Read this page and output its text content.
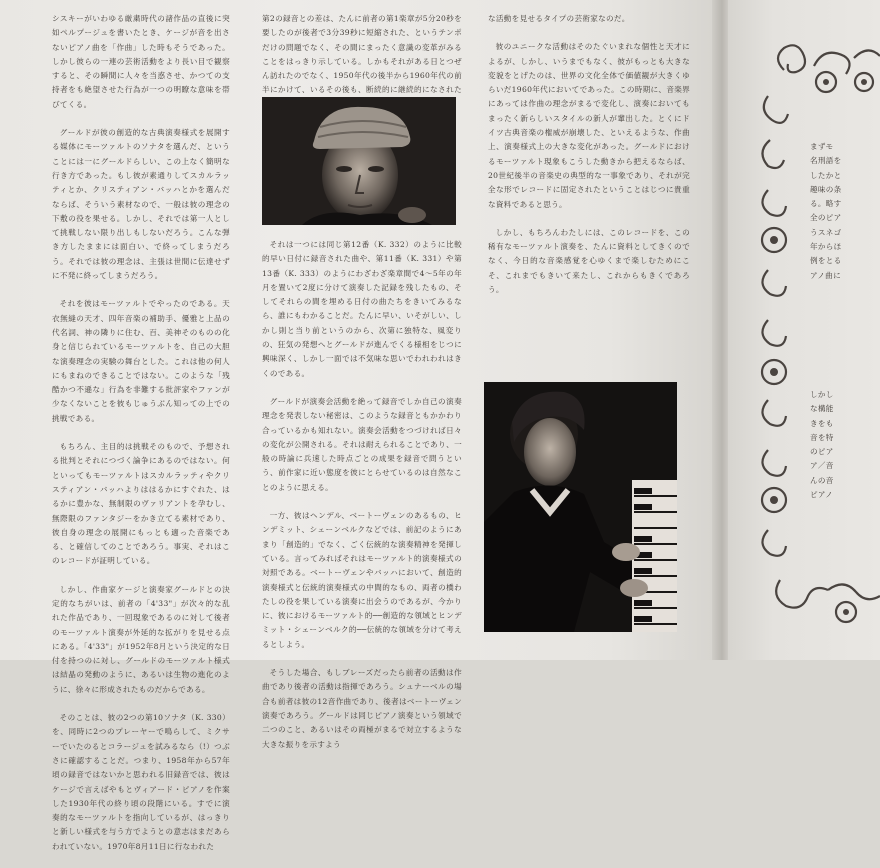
シスキーがいわゆる厳粛時代の諸作品の直後に突如ペルプージュを書いたとき、ケージが音を出さないピアノ曲を「作曲」した時もそうであった。しかし彼らの一連の芸術活動をより長い目で観察すると、その瞬間に人々を当惑させ、かつての支持者をも絶望させた行為が一つの明瞭な意味を帯びてくる。

グールドが彼の創造的な古典演奏様式を展開する媒体にモーツァルトのソナタを選んだ、ということには一にグールドらしい、この上なく簡明な行き方であった。もし彼が素通りしてスカルラッティとか、クリスティアン・バッハとかを選んだならば、そういう素材なので、一般は彼の理念の下敷の役を果せる。しかし、それでは第一人として挑戦しない限り出しもしないだろう。こんな弾き方したままには面白い、で終ってしまうだろう。それでは彼の理念は、主張は世間に伝達せずに不発に終ってしまうだろう。

それを彼はモーツァルトでやったのである。天衣無縫の天才、四年音楽の補助手、優雅と上品の代名詞、神の隣りに住む、百、美神そのものの化身と信じられているモーツァルトを、自己の大胆な演奏理念の実験の舞台とした。これは他の何人にもまねのできることではない。このような「残酷かつ不遜な」行為を非難する批評家やファンが少なくないことを彼もじゅうぶん知っての上での挑戦である。

もちろん、主目的は挑戦そのもので、予想される批判とそれにつづく論争にあるのではない。何といってもモーツァルトはスカルラッティやクリスティアン・バッハよりははるかにすぐれた、はるかに豊かな、無制限のヴァリアントを孕むし、無際限のファンタジーをかき立てる素材であり、彼自身の理念の展開にもっとも適った音楽である、と確信してのことであろう。事実、それはこのレコードが証明している。

しかし、作曲家ケージと演奏家グールドとの決定的なちがいは、前者の「4'33"」が次々的な乱れた作品であり、一回現象であるのに対して後者のモーツァルト演奏が外延的な拡がりを見せる点にある。「4'33"」が1952年8月という決定的な日付を持つのに対し、グールドのモーツァルト様式は結晶の発動のように、あるいは生物の進化のように、徐々に形成されたものだからである。

そのことは、彼の2つの第10ソナタ（K. 330）を、同時に2つのプレーヤーで鳴らして、ミクサーでいたのるとコラージュを試みるなら（!）つぶさに確認することだ。つまり、1958年から57年頃の録音ではないかと思われる旧録音では、彼はケージで言えばやもとヴィアード・ピアノを作案した1930年代の終り頃の段階にいる。すでに演奏的なモーツァルトを指向しているが、はっきりと新しい様式を与う方でようとの意志はまだあらわれていない。1970年8月11日に行なわれた

第2の録音との差は、たんに前者の第1楽章が5分20秒を要したのが後者で3分39秒に短縮された、というテンポだけの問題でなく、その間にまったく意識の変革がみることをはっきり示している。しかもそれがある日とつぜん訪れたのでなく、1950年代の後半から1960年代の前半にかけて、いるその後も、断続的に継続的になされた

それは一つには同じ第12番（K. 332）のように比較的早い日付に録音された曲や、第11番（K. 331）や第13番（K. 333）のようにわざわざ楽章間で4〜5年の年月を置いて2度に分けて演奏した記録を残したもの、そしてそれらの間を埋める日付の曲たちをきいてみるなら、誰にもわかることだ。たんに早い、いそがしい、しかし則と当り前というのから、次第に独特な、風変りの、狂気の発想へとグールドが進んでくる様相をじつに興味深く、しかし一面では不気味な思いでわれわれはきくのである。

グールドが演奏会活動を絶って録音でしか自己の演奏理念を発表しない秘密は、このような録音ともかかわり合っているかも知れない。演奏会活動をつづければ日々の変化が公開される。それは耐えられることであり、一般の時論に兵速した時点ごとの成果を録音で問うという、前作家に近い態度を彼にとらせているのは自然なことのように思える。

一方、彼はヘンデル、ベートーヴェンのあるもの、ヒンデミット、シェーンベルクなどでは、前記のようにあまり「創造的」でなく、ごく伝統的な演奏精神を発揮している。言ってみればそれはモーツァルト的演奏様式の対照である。ベートーヴェンやバッハにおいて、創造的演奏様式と伝統的演奏様式の中間的なもの、両者の橋わたしの役を果している演奏に出会うのであるが、今かりに、彼におけるモーツァルト的──創造的な領域とヒンデミット・シェーンベルク的──伝統的な領域を分けて考えるとしよう。

そうした場合、もしブレーズだったら前者の活動は作曲であり後者の活動は指揮であろう。シュナーベルの場合も前者は彼の12音作曲であり、後者はベートーヴェン演奏であろう。グールドは同じピアノ演奏という領域で二つのこと、あるいはその両極がまるで対立するような大きな振りを示すよう

な活動を見せるタイプの芸術家なのだ。

彼のユニークな活動はそのたぐいまれな個性と天才によるが、しかし、いうまでもなく、彼がもっとも大きな変貌をとげたのは、世界の文化全体で価値観が大きくゆらいだ1960年代においてであった。この時期に、音楽界にあっては作曲の理念がまるで変化し、演奏においてもまったく新らしいスタイルの新人が輩出した。とくにドイツ古典音楽の権威が崩壊した、といえるような、作曲上、演奏様式上の大きな変化があった。グールドにおけるモーツァルト現象もこうした動きから把えるならば、20世紀後半の音楽史の典型的な一事象であり、それが完全な形でレコードに固定されたということはじつに貴重な資料であると思う。

しかし、もちろんわたしには、このレコードを、この稀有なモーツァルト演奏を、たんに資料としてきくのでなく、今日的な音楽感覚を心ゆくまで楽しむためにこそ、これまでもきいて来たし、これからもきくであろう。

まずモ
名刑語を
したかと
趣味の条
る。略す
全のピア
うスネゴ
年からほ
例をとる
アノ曲に
しかし
な構能
きをも
音を特
のピア
ア／音
んの音
ピアノ
